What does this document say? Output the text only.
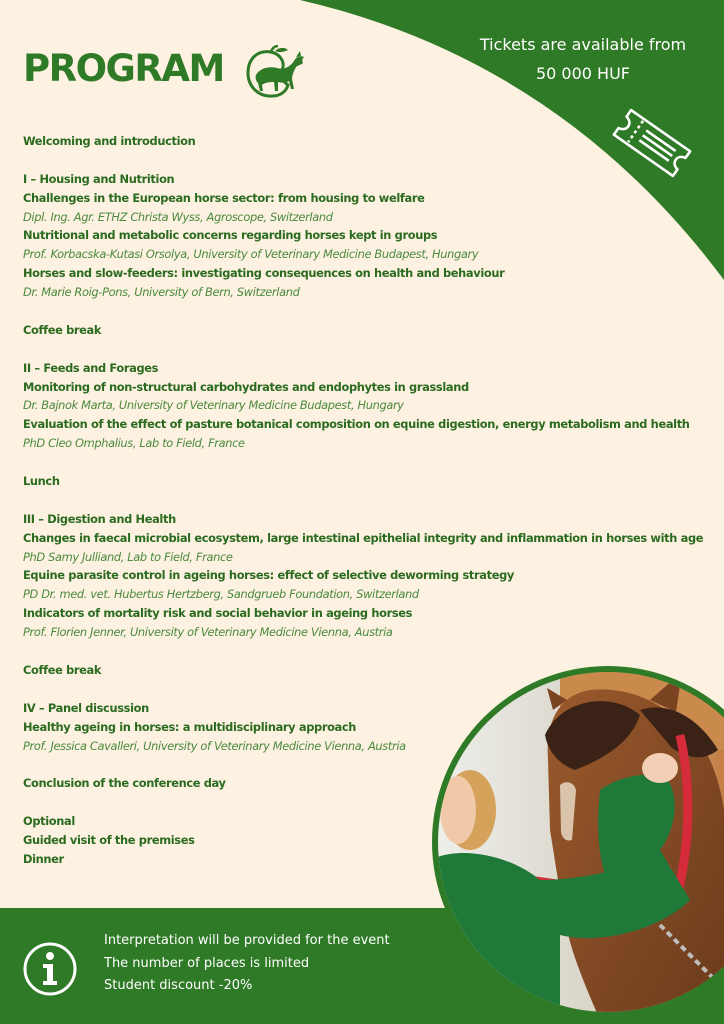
PROGRAM
Tickets are available from
50 000 HUF
Welcoming and introduction
I – Housing and Nutrition
Challenges in the European horse sector: from housing to welfare
Dipl. Ing. Agr. ETHZ Christa Wyss, Agroscope, Switzerland
Nutritional and metabolic concerns regarding horses kept in groups
Prof. Korbacska-Kutasi Orsolya, University of Veterinary Medicine Budapest, Hungary
Horses and slow-feeders: investigating consequences on health and behaviour
Dr. Marie Roig-Pons, University of Bern, Switzerland
Coffee break
II – Feeds and Forages
Monitoring of non-structural carbohydrates and endophytes in grassland
Dr. Bajnok Marta, University of Veterinary Medicine Budapest, Hungary
Evaluation of the effect of pasture botanical composition on equine digestion, energy metabolism and health
PhD Cleo Omphalius, Lab to Field, France
Lunch
III – Digestion and Health
Changes in faecal microbial ecosystem, large intestinal epithelial integrity and inflammation in horses with age
PhD Samy Julliand, Lab to Field, France
Equine parasite control in ageing horses: effect of selective deworming strategy
PD Dr. med. vet. Hubertus Hertzberg, Sandgrueb Foundation, Switzerland
Indicators of mortality risk and social behavior in ageing horses
Prof. Florien Jenner, University of Veterinary Medicine Vienna, Austria
Coffee break
IV – Panel discussion
Healthy ageing in horses: a multidisciplinary approach
Prof. Jessica Cavalleri, University of Veterinary Medicine Vienna, Austria
Conclusion of the conference day
Optional
Guided visit of the premises
Dinner
Interpretation will be provided for the event
The number of places is limited
Student discount -20%
